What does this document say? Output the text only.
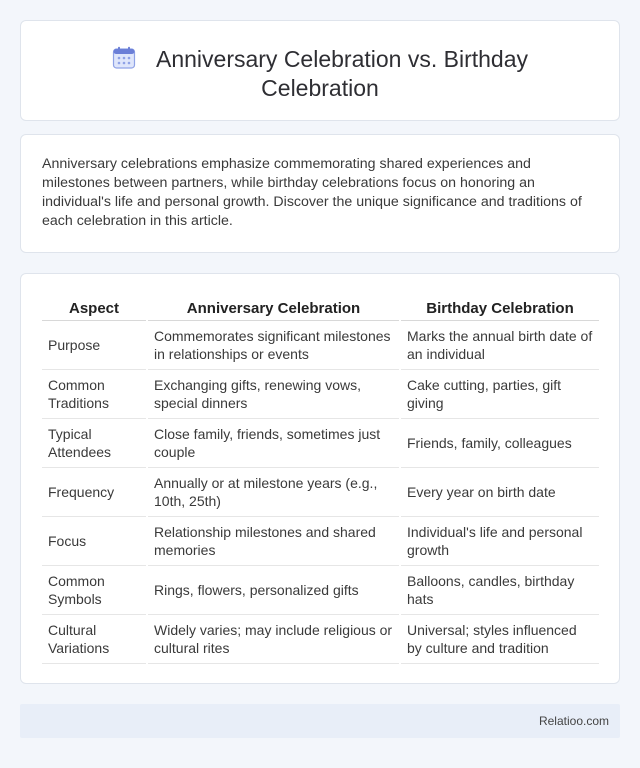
Anniversary Celebration vs. Birthday
Celebration

Anniversary celebrations emphasize commemorating shared experiences and milestones between partners, while birthday celebrations focus on honoring an individual's life and personal growth. Discover the unique significance and traditions of each celebration in this article.

Aspect	Anniversary Celebration	Birthday Celebration
Purpose	Commemorates significant milestones in relationships or events	Marks the annual birth date of an individual
Common Traditions	Exchanging gifts, renewing vows, special dinners	Cake cutting, parties, gift giving
Typical Attendees	Close family, friends, sometimes just couple	Friends, family, colleagues
Frequency	Annually or at milestone years (e.g., 10th, 25th)	Every year on birth date
Focus	Relationship milestones and shared memories	Individual's life and personal growth
Common Symbols	Rings, flowers, personalized gifts	Balloons, candles, birthday hats
Cultural Variations	Widely varies; may include religious or cultural rites	Universal; styles influenced by culture and tradition
Relatioo.com
